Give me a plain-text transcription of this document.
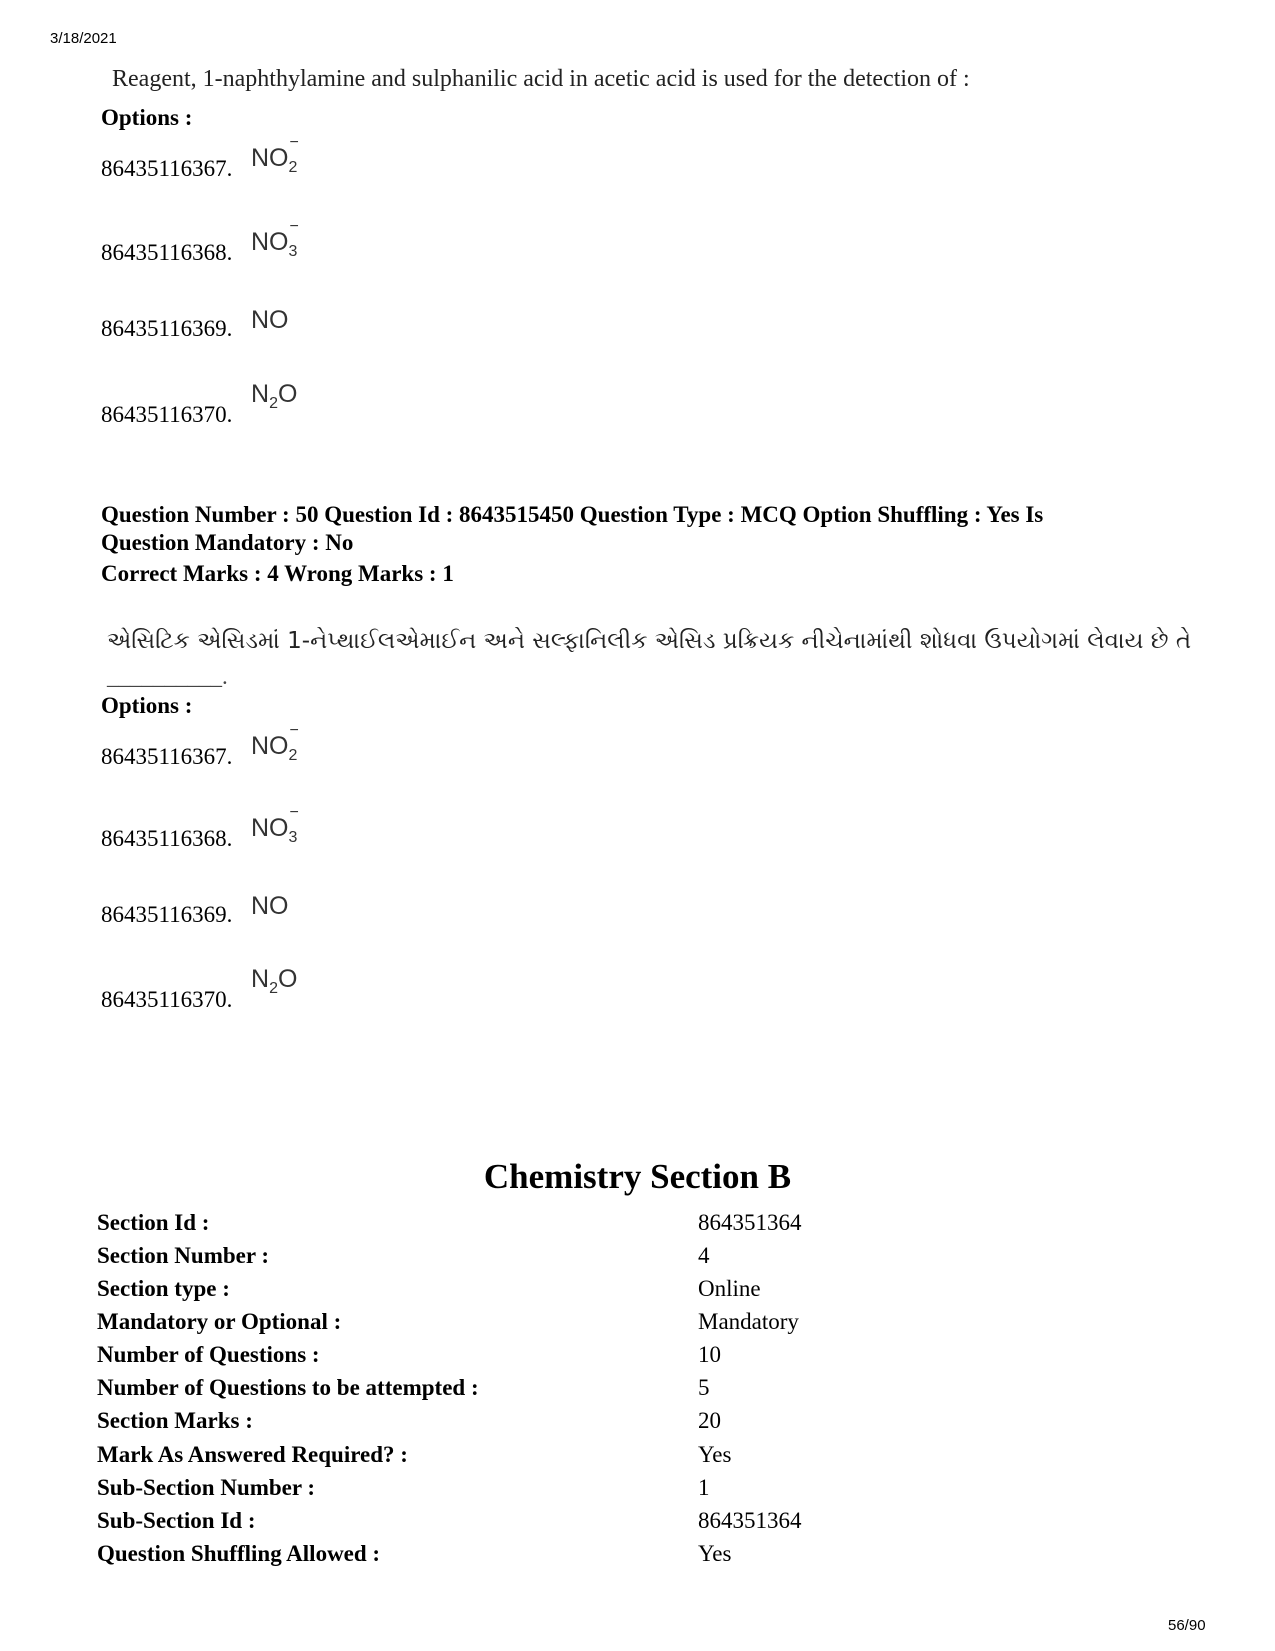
3/18/2021
56/90
Reagent, 1-naphthylamine and sulphanilic acid in acetic acid is used for the detection of :
Options :
86435116367. $NO_2$
−
86435116368. $NO_3$
−
86435116369. NO
86435116370.
$N_2O$
Question Number : 50 Question Id : 8643515450 Question Type : MCQ Option Shuffling : Yes Is
Question Mandatory : No
Correct Marks : 4 Wrong Marks : 1
એસિટિક એસિડમાં 1-નેપ્થાઈલએમાઈન અને સલ્ફાનિલીક એસિડ પ્રક્રિયક નીચેનામાંથી શોધવા ઉપયોગમાં લેવાય છે તે
__________.
Options :
86435116367. $NO_2$
−
86435116368. $NO_3$
−
86435116369. NO
86435116370.
$N_2O$
Chemistry Section B
Section Id :	864351364
Section Number :	4
Section type :	Online
Mandatory or Optional :	Mandatory
Number of Questions :	10
Number of Questions to be attempted :	5
Section Marks :	20
Mark As Answered Required? :	Yes
Sub-Section Number :	1
Sub-Section Id :	864351364
Question Shuffling Allowed :	Yes
